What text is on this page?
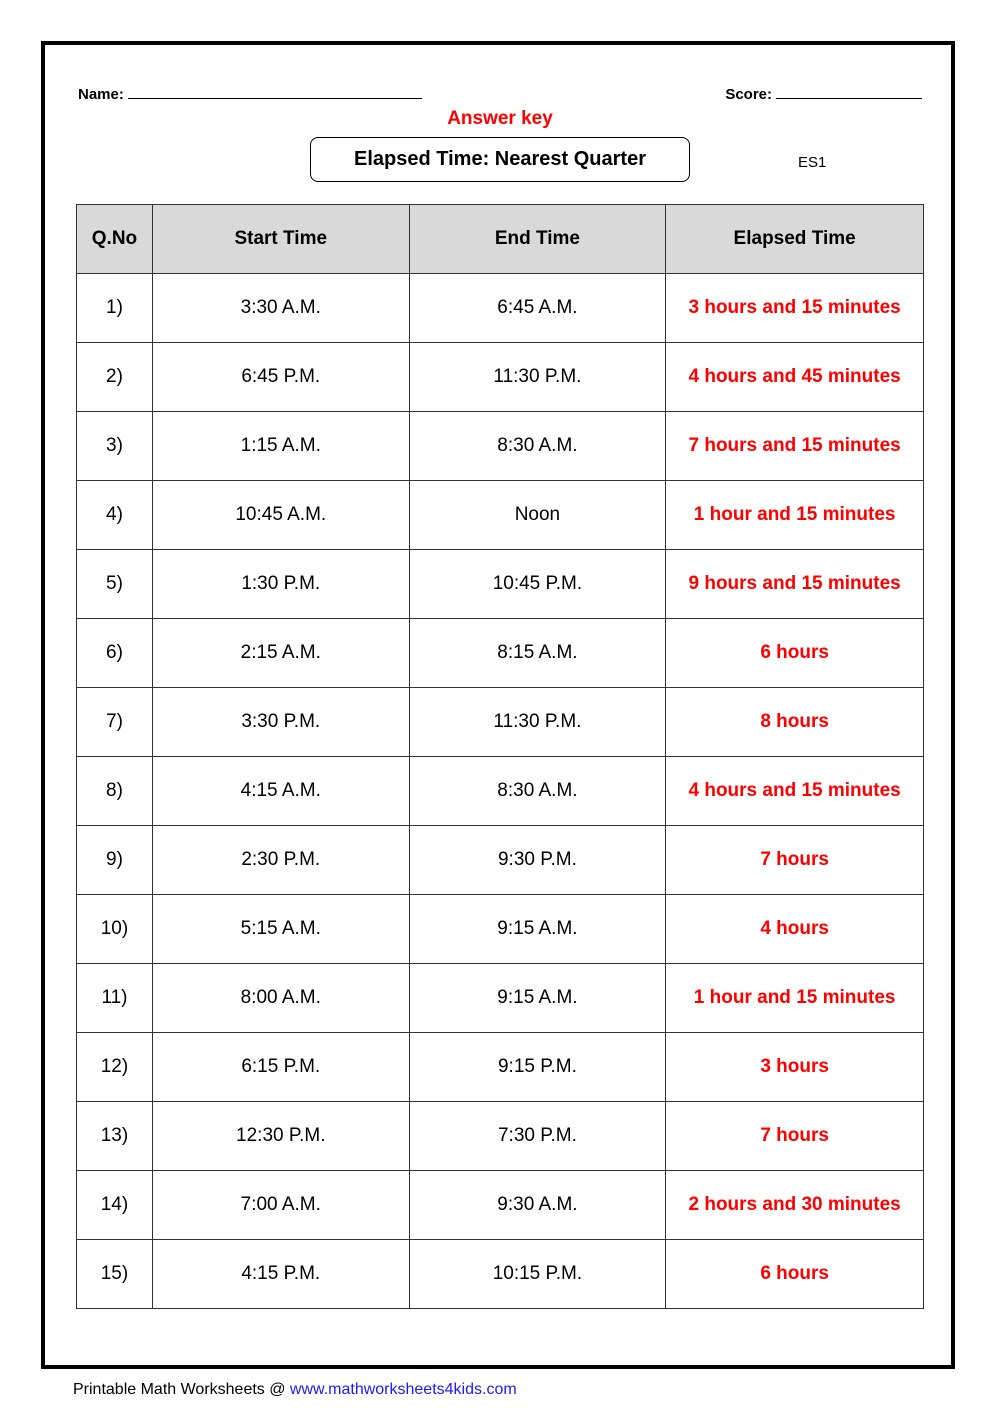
Name:	Score:
Answer key
Elapsed Time: Nearest Quarter	ES1
Q.No	Start Time	End Time	Elapsed Time
1)	3:30 A.M.	6:45 A.M.	3 hours and 15 minutes
2)	6:45 P.M.	11:30 P.M.	4 hours and 45 minutes
3)	1:15 A.M.	8:30 A.M.	7 hours and 15 minutes
4)	10:45 A.M.	Noon	1 hour and 15 minutes
5)	1:30 P.M.	10:45 P.M.	9 hours and 15 minutes
6)	2:15 A.M.	8:15 A.M.	6 hours
7)	3:30 P.M.	11:30 P.M.	8 hours
8)	4:15 A.M.	8:30 A.M.	4 hours and 15 minutes
9)	2:30 P.M.	9:30 P.M.	7 hours
10)	5:15 A.M.	9:15 A.M.	4 hours
11)	8:00 A.M.	9:15 A.M.	1 hour and 15 minutes
12)	6:15 P.M.	9:15 P.M.	3 hours
13)	12:30 P.M.	7:30 P.M.	7 hours
14)	7:00 A.M.	9:30 A.M.	2 hours and 30 minutes
15)	4:15 P.M.	10:15 P.M.	6 hours
Printable Math Worksheets @ www.mathworksheets4kids.com
